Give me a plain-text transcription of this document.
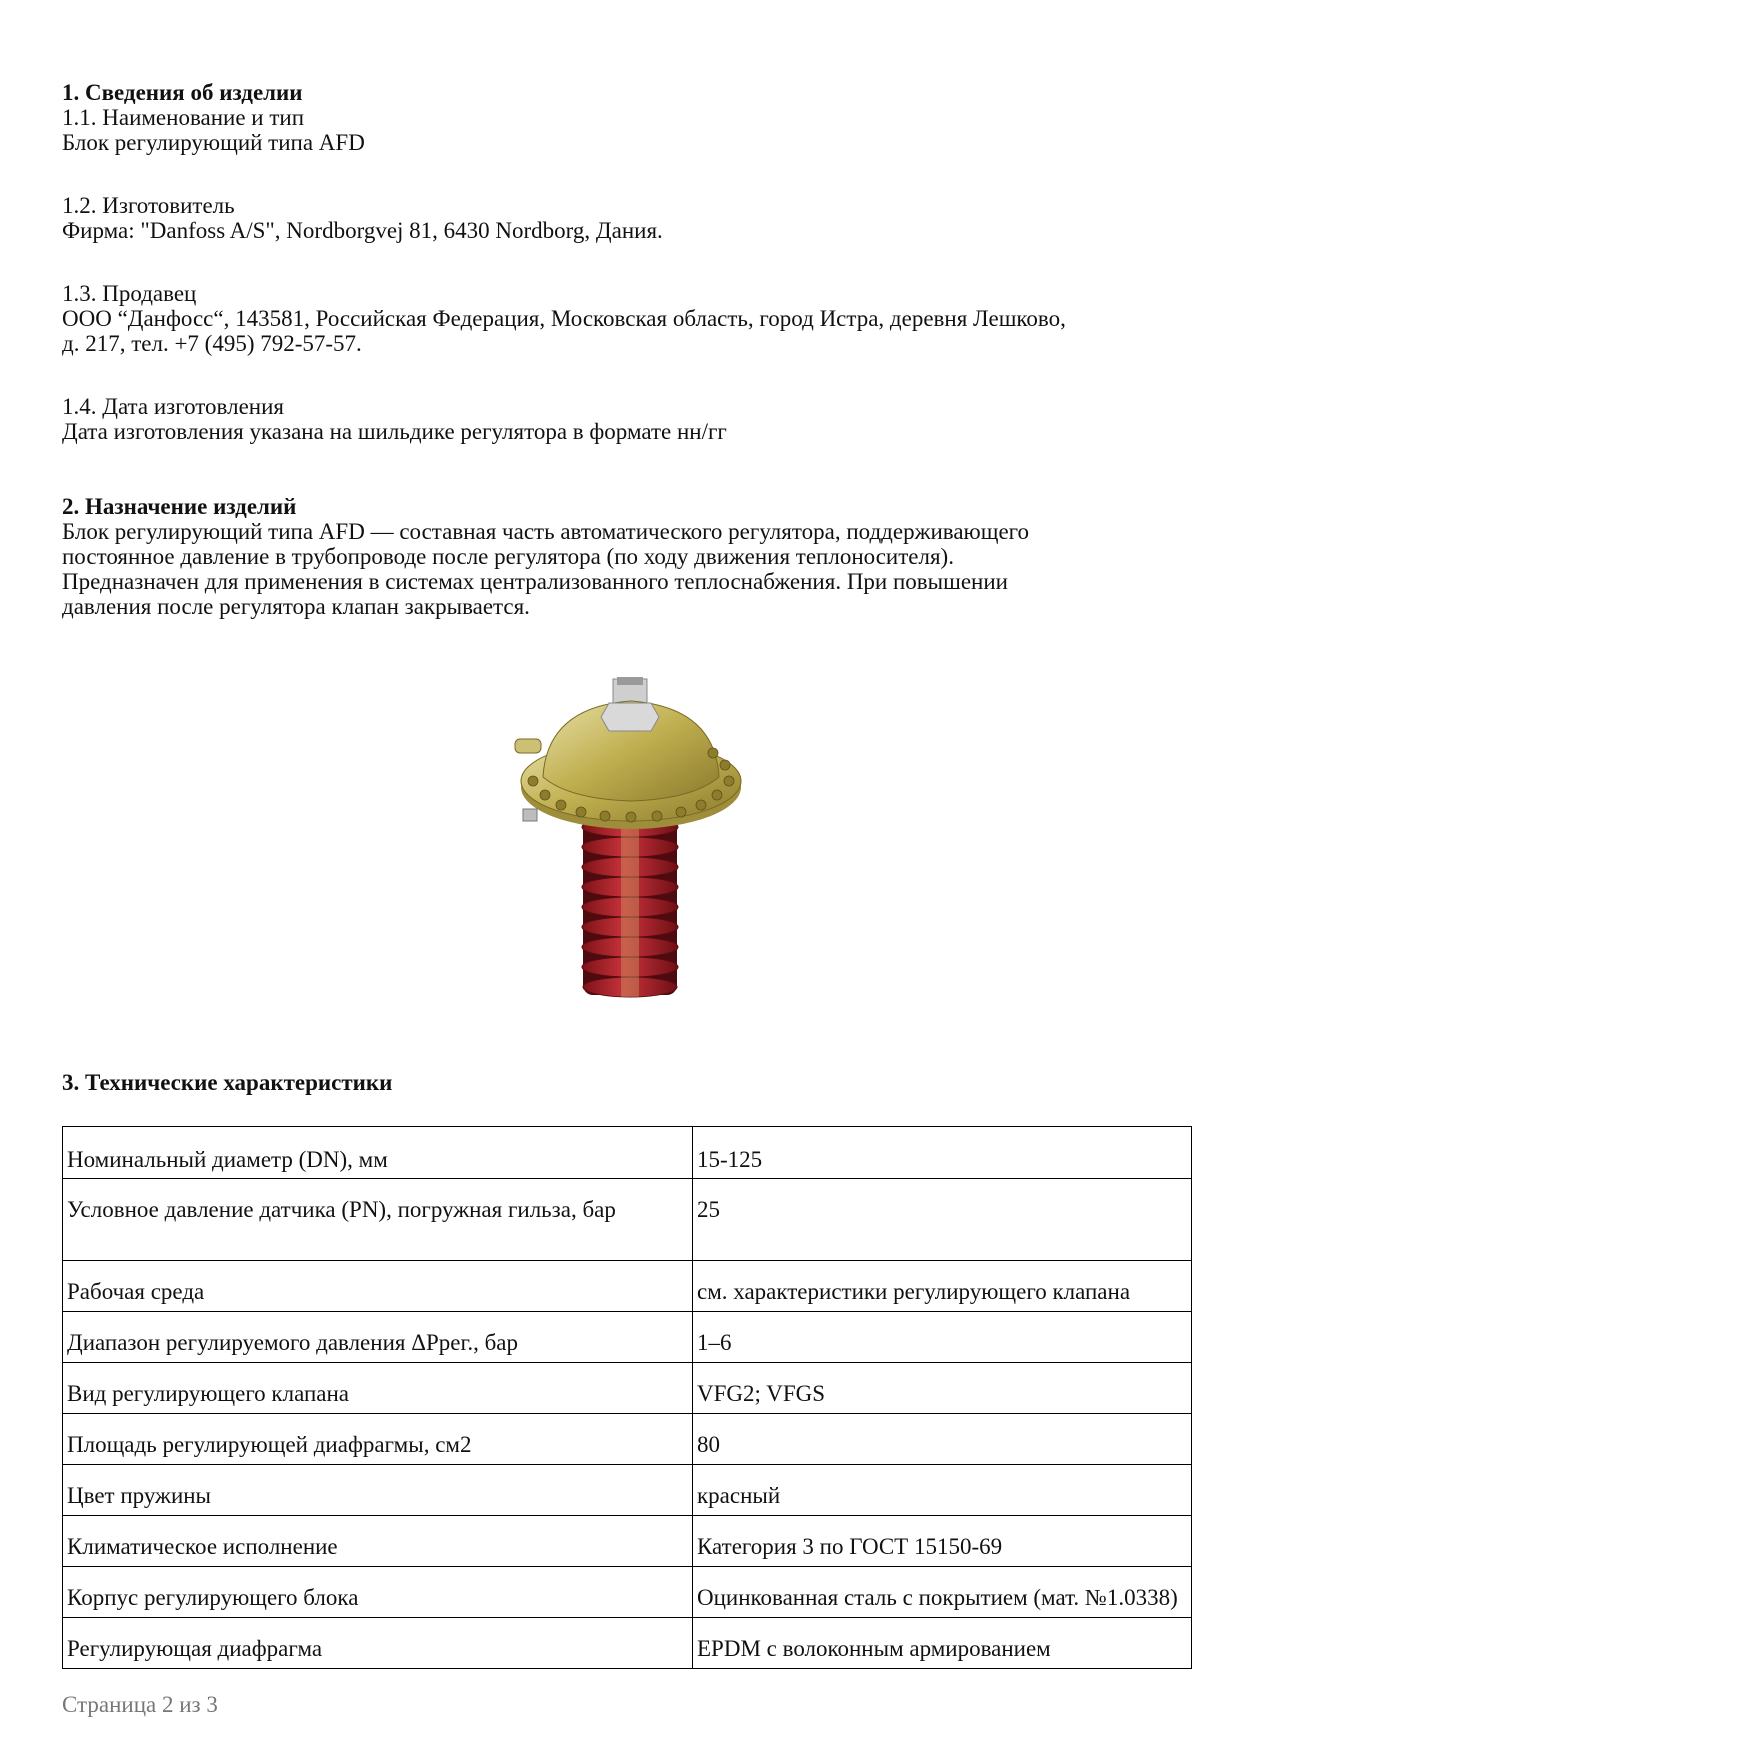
1. Сведения об изделии
1.1. Наименование и тип
Блок регулирующий типа AFD
1.2. Изготовитель
Фирма: "Danfoss A/S", Nordborgvej 81, 6430 Nordborg, Дания.
1.3. Продавец
ООО “Данфосс“, 143581, Российская Федерация, Московская область, город Истра, деревня Лешково,
д. 217, тел. +7 (495) 792-57-57.
1.4. Дата изготовления
Дата изготовления указана на шильдике регулятора в формате нн/гг
2. Назначение изделий
Блок регулирующий типа AFD — составная часть автоматического регулятора, поддерживающего
постоянное давление в трубопроводе после регулятора (по ходу движения теплоносителя).
Предназначен для применения в системах централизованного теплоснабжения. При повышении
давления после регулятора клапан закрывается.
3. Технические характеристики
Номинальный диаметр (DN), мм	15-125
Условное давление датчика (PN), погружная гильза, бар	25
Рабочая среда	см. характеристики регулирующего клапана
Диапазон регулируемого давления ΔPрег., бар	1–6
Вид регулирующего клапана	VFG2; VFGS
Площадь регулирующей диафрагмы, см2	80
Цвет пружины	красный
Климатическое исполнение	Категория 3 по ГОСТ 15150-69
Корпус регулирующего блока	Оцинкованная сталь с покрытием (мат. №1.0338)
Регулирующая диафрагма	EPDM с волоконным армированием
Страница 2 из 3
